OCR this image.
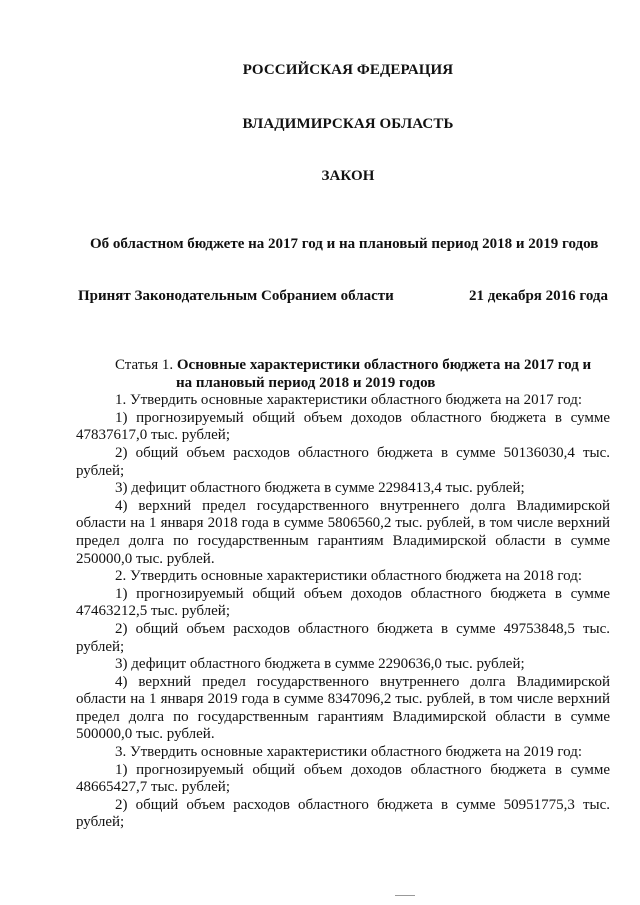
РОССИЙСКАЯ ФЕДЕРАЦИЯ
ВЛАДИМИРСКАЯ ОБЛАСТЬ
ЗАКОН
Об областном бюджете на 2017 год и на плановый период 2018 и 2019 годов
Принят Законодательным Собранием области	21 декабря 2016 года
Статья 1. Основные характеристики областного бюджета на 2017 год и
на плановый период 2018 и 2019 годов

1. Утвердить основные характеристики областного бюджета на 2017 год:

1) прогнозируемый общий объем доходов областного бюджета в сумме 47837617,0 тыс. рублей;

2) общий объем расходов областного бюджета в сумме 50136030,4 тыс. рублей;

3) дефицит областного бюджета в сумме 2298413,4 тыс. рублей;

4) верхний предел государственного внутреннего долга Владимирской области на 1 января 2018 года в сумме 5806560,2 тыс. рублей, в том числе верхний предел долга по государственным гарантиям Владимирской области в сумме 250000,0 тыс. рублей.

2. Утвердить основные характеристики областного бюджета на 2018 год:

1) прогнозируемый общий объем доходов областного бюджета в сумме 47463212,5 тыс. рублей;

2) общий объем расходов областного бюджета в сумме 49753848,5 тыс. рублей;

3) дефицит областного бюджета в сумме 2290636,0 тыс. рублей;

4) верхний предел государственного внутреннего долга Владимирской области на 1 января 2019 года в сумме 8347096,2 тыс. рублей, в том числе верхний предел долга по государственным гарантиям Владимирской области в сумме 500000,0 тыс. рублей.

3. Утвердить основные характеристики областного бюджета на 2019 год:

1) прогнозируемый общий объем доходов областного бюджета в сумме 48665427,7 тыс. рублей;

2) общий объем расходов областного бюджета в сумме 50951775,3 тыс. рублей;
